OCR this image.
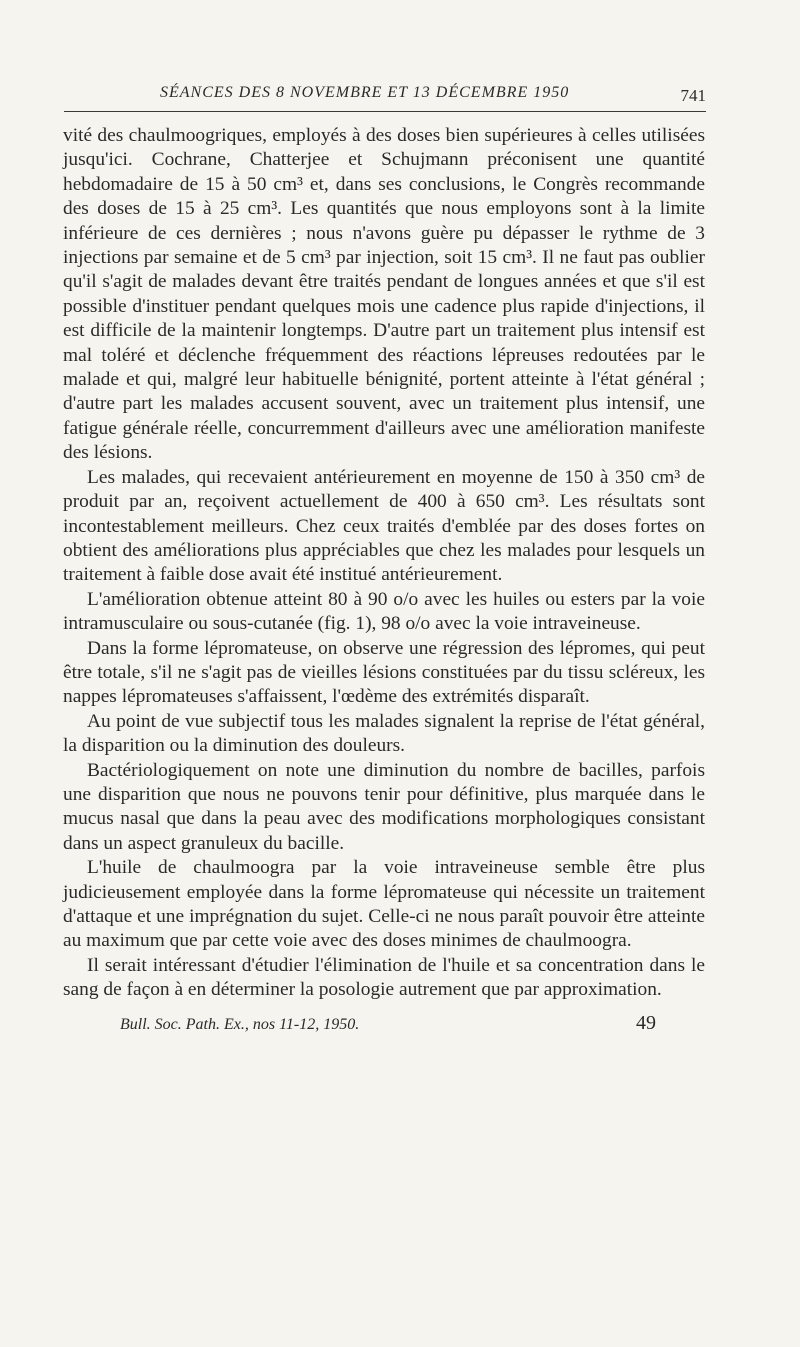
SÉANCES DES 8 NOVEMBRE ET 13 DÉCEMBRE 1950	741

vité des chaulmoogriques, employés à des doses bien supérieures à celles utilisées jusqu'ici. Cochrane, Chatterjee et Schujmann préconisent une quantité hebdomadaire de 15 à 50 cm³ et, dans ses conclusions, le Congrès recommande des doses de 15 à 25 cm³. Les quantités que nous employons sont à la limite inférieure de ces dernières ; nous n'avons guère pu dépasser le rythme de 3 injections par semaine et de 5 cm³ par injection, soit 15 cm³. Il ne faut pas oublier qu'il s'agit de malades devant être traités pendant de longues années et que s'il est possible d'instituer pendant quelques mois une cadence plus rapide d'injections, il est difficile de la maintenir longtemps. D'autre part un traitement plus intensif est mal toléré et déclenche fréquemment des réactions lépreuses redoutées par le malade et qui, malgré leur habituelle bénignité, portent atteinte à l'état général ; d'autre part les malades accusent souvent, avec un traitement plus intensif, une fatigue générale réelle, concurremment d'ailleurs avec une amélioration manifeste des lésions.

Les malades, qui recevaient antérieurement en moyenne de 150 à 350 cm³ de produit par an, reçoivent actuellement de 400 à 650 cm³. Les résultats sont incontestablement meilleurs. Chez ceux traités d'emblée par des doses fortes on obtient des améliorations plus appréciables que chez les malades pour lesquels un traitement à faible dose avait été institué antérieurement.

L'amélioration obtenue atteint 80 à 90 o/o avec les huiles ou esters par la voie intramusculaire ou sous-cutanée (fig. 1), 98 o/o avec la voie intraveineuse.

Dans la forme lépromateuse, on observe une régression des lépromes, qui peut être totale, s'il ne s'agit pas de vieilles lésions constituées par du tissu scléreux, les nappes lépromateuses s'affaissent, l'œdème des extrémités disparaît.

Au point de vue subjectif tous les malades signalent la reprise de l'état général, la disparition ou la diminution des douleurs.

Bactériologiquement on note une diminution du nombre de bacilles, parfois une disparition que nous ne pouvons tenir pour définitive, plus marquée dans le mucus nasal que dans la peau avec des modifications morphologiques consistant dans un aspect granuleux du bacille.

L'huile de chaulmoogra par la voie intraveineuse semble être plus judicieusement employée dans la forme lépromateuse qui nécessite un traitement d'attaque et une imprégnation du sujet. Celle-ci ne nous paraît pouvoir être atteinte au maximum que par cette voie avec des doses minimes de chaulmoogra.

Il serait intéressant d'étudier l'élimination de l'huile et sa concentration dans le sang de façon à en déterminer la posologie autrement que par approximation.

Bull. Soc. Path. Ex., nos 11-12, 1950.	49
